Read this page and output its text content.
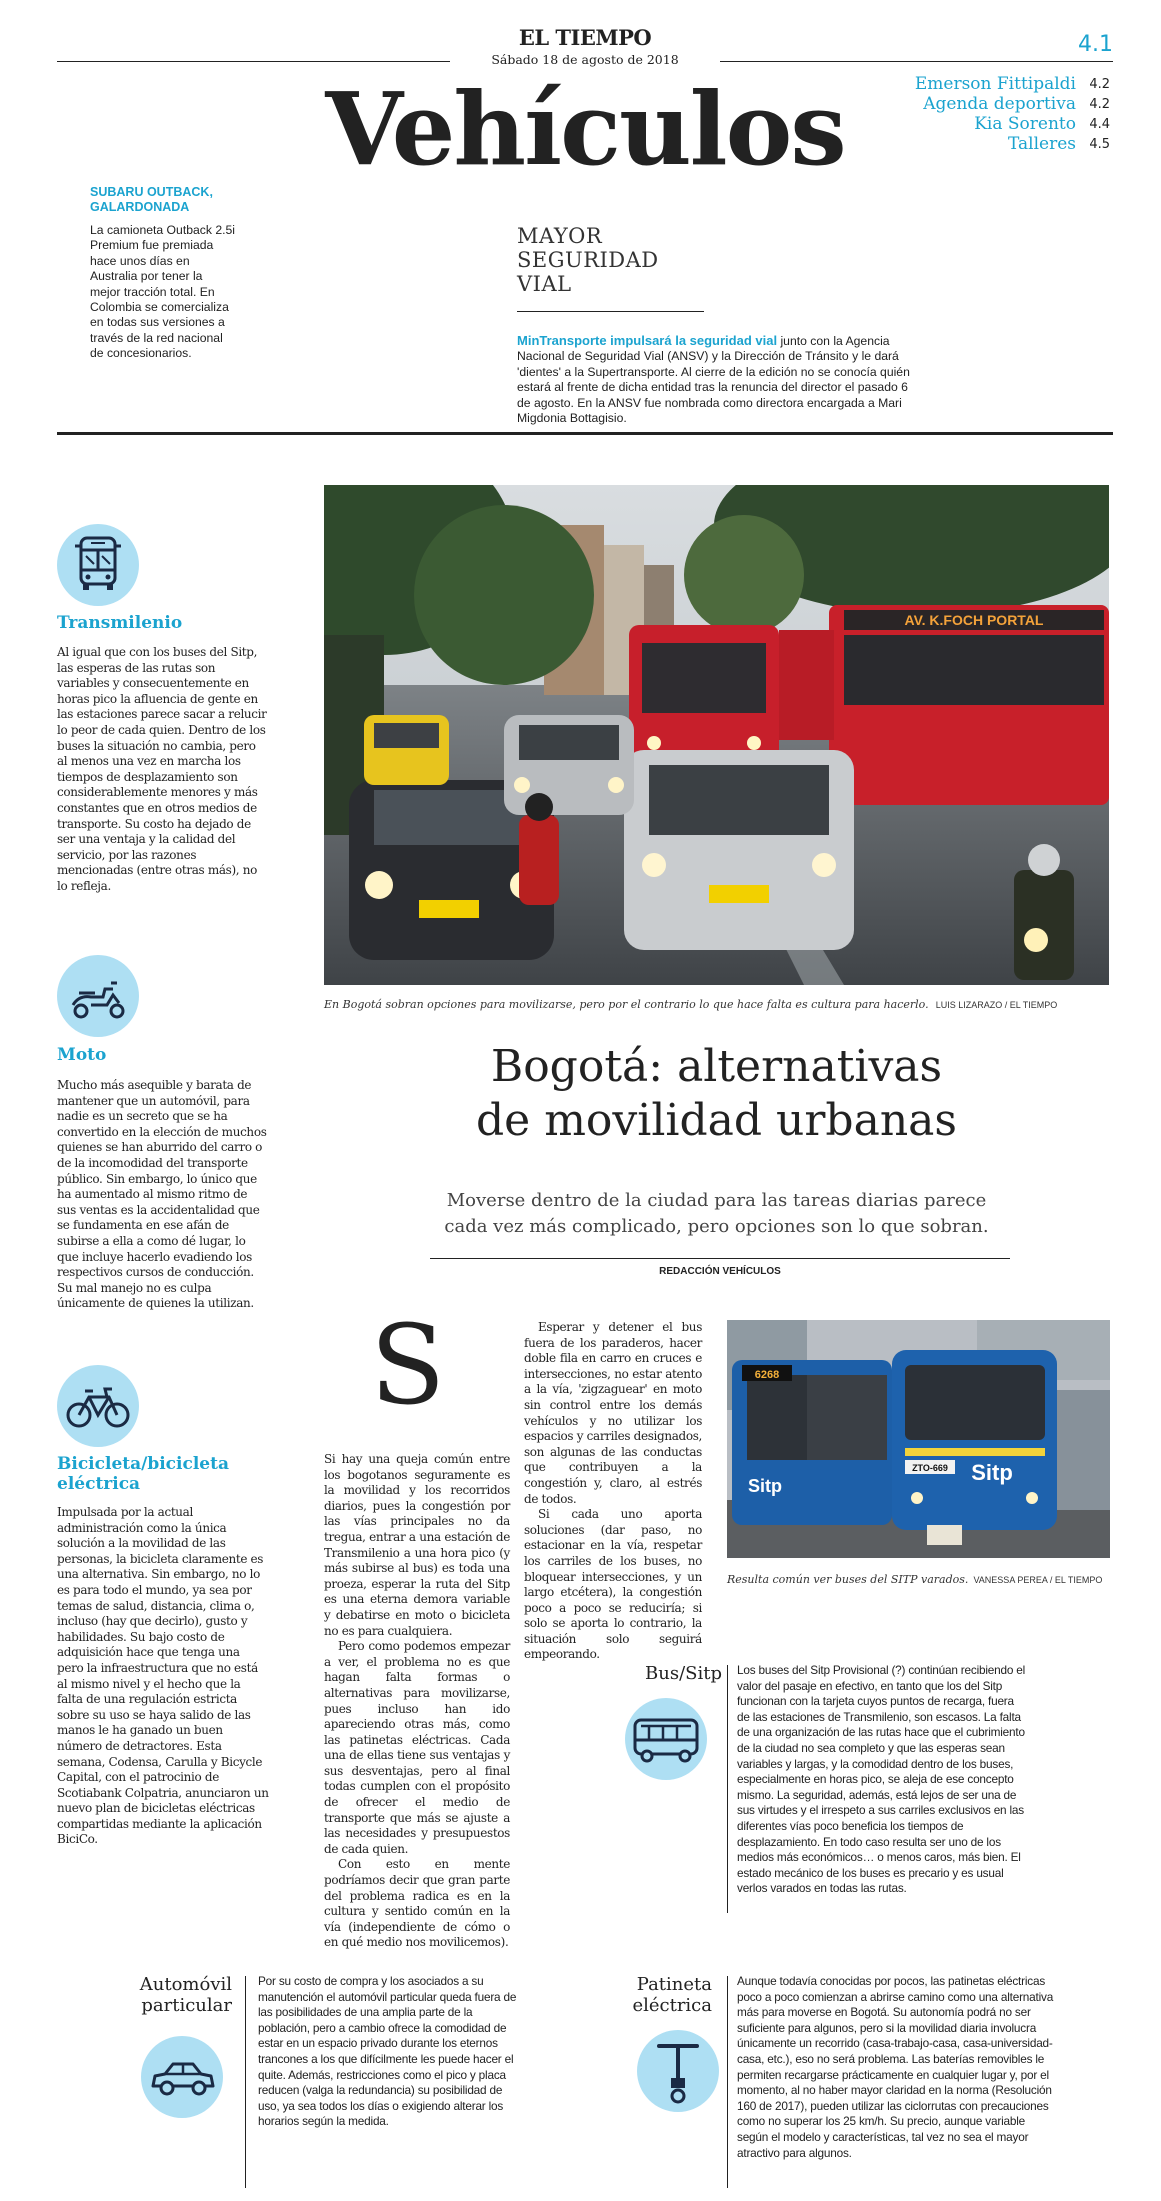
EL TIEMPO
Sábado 18 de agosto de 2018
4.1
Vehículos	Emerson Fittipaldi	4.2
Agenda deportiva	4.2
Kia Sorento	4.4
Talleres	4.5
SUBARU OUTBACK,
GALARDONADA
La camioneta Outback 2.5i Premium fue premiada hace unos días en Australia por tener la mejor tracción total. En Colombia se comercializa en todas sus versiones a través de la red nacional de concesionarios.
MAYOR
SEGURIDAD
VIAL
MinTransporte impulsará la seguridad vial junto con la Agencia Nacional de Seguridad Vial (ANSV) y la Dirección de Tránsito y le dará 'dientes' a la Supertransporte. Al cierre de la edición no se conocía quién estará al frente de dicha entidad tras la renuncia del director el pasado 6 de agosto. En la ANSV fue nombrada como directora encargada a Mari Migdonia Bottagisio.
Transmilenio
Al igual que con los buses del Sitp, las esperas de las rutas son variables y consecuentemente en horas pico la afluencia de gente en las estaciones parece sacar a relucir lo peor de cada quien. Dentro de los buses la situación no cambia, pero al menos una vez en marcha los tiempos de desplazamiento son considerablemente menores y más constantes que en otros medios de transporte. Su costo ha dejado de ser una ventaja y la calidad del servicio, por las razones mencionadas (entre otras más), no lo refleja.
Moto
Mucho más asequible y barata de mantener que un automóvil, para nadie es un secreto que se ha convertido en la elección de muchos quienes se han aburrido del carro o de la incomodidad del transporte público. Sin embargo, lo único que ha aumentado al mismo ritmo de sus ventas es la accidentalidad que se fundamenta en ese afán de subirse a ella a como dé lugar, lo que incluye hacerlo evadiendo los respectivos cursos de conducción. Su mal manejo no es culpa únicamente de quienes la utilizan.
Bicicleta/bicicleta
eléctrica
Impulsada por la actual administración como la única solución a la movilidad de las personas, la bicicleta claramente es una alternativa. Sin embargo, no lo es para todo el mundo, ya sea por temas de salud, distancia, clima o, incluso (hay que decirlo), gusto y habilidades. Su bajo costo de adquisición hace que tenga una pero la infraestructura que no está al mismo nivel y el hecho que la falta de una regulación estricta sobre su uso se haya salido de las manos le ha ganado un buen número de detractores. Esta semana, Codensa, Carulla y Bicycle Capital, con el patrocinio de Scotiabank Colpatria, anunciaron un nuevo plan de bicicletas eléctricas compartidas mediante la aplicación BiciCo.
AV. K.FOCH PORTAL
En Bogotá sobran opciones para movilizarse, pero por el contrario lo que hace falta es cultura para hacerlo. LUIS LIZARAZO / EL TIEMPO
Bogotá: alternativas
de movilidad urbanas
Moverse dentro de la ciudad para las tareas diarias parece
cada vez más complicado, pero opciones son lo que sobran.
REDACCIÓN VEHÍCULOS
S

Si hay una queja común entre los bogotanos seguramente es la movilidad y los recorridos diarios, pues la congestión por las vías principales no da tregua, entrar a una estación de Transmilenio a una hora pico (y más subirse al bus) es toda una proeza, esperar la ruta del Sitp es una eterna demora variable y debatirse en moto o bicicleta no es para cualquiera.

Pero como podemos empezar a ver, el problema no es que hagan falta formas o alternativas para movilizarse, pues incluso han ido apareciendo otras más, como las patinetas eléctricas. Cada una de ellas tiene sus ventajas y sus desventajas, pero al final todas cumplen con el propósito de ofrecer el medio de transporte que más se ajuste a las necesidades y presupuestos de cada quien.

Con esto en mente podríamos decir que gran parte del problema radica es en la cultura y sentido común en la vía (independiente de cómo o en qué medio nos movilicemos).

Esperar y detener el bus fuera de los paraderos, hacer doble fila en carro en cruces e intersecciones, no estar atento a la vía, 'zigzaguear' en moto sin control entre los demás vehículos y no utilizar los espacios y carriles designados, son algunas de las conductas que contribuyen a la congestión y, claro, al estrés de todos.

Si cada uno aporta soluciones (dar paso, no estacionar en la vía, respetar los carriles de los buses, no bloquear intersecciones, y un largo etcétera), la congestión poco a poco se reduciría; si solo se aporta lo contrario, la situación solo seguirá empeorando.

6268
Sitp
ZTO-669 Sitp
Resulta común ver buses del SITP varados. VANESSA PEREA / EL TIEMPO
Bus/Sitp Los buses del Sitp Provisional (?) continúan recibiendo el valor del pasaje en efectivo, en tanto que los del Sitp funcionan con la tarjeta cuyos puntos de recarga, fuera de las estaciones de Transmilenio, son escasos. La falta de una organización de las rutas hace que el cubrimiento de la ciudad no sea completo y que las esperas sean variables y largas, y la comodidad dentro de los buses, especialmente en horas pico, se aleja de ese concepto mismo. La seguridad, además, está lejos de ser una de sus virtudes y el irrespeto a sus carriles exclusivos en las diferentes vías poco beneficia los tiempos de desplazamiento. En todo caso resulta ser uno de los medios más económicos… o menos caros, más bien. El estado mecánico de los buses es precario y es usual verlos varados en todas las rutas.
Automóvil
particular
Por su costo de compra y los asociados a su manutención el automóvil particular queda fuera de las posibilidades de una amplia parte de la población, pero a cambio ofrece la comodidad de estar en un espacio privado durante los eternos trancones a los que difícilmente les puede hacer el quite. Además, restricciones como el pico y placa reducen (valga la redundancia) su posibilidad de uso, ya sea todos los días o exigiendo alterar los horarios según la medida.
Patineta
eléctrica
Aunque todavía conocidas por pocos, las patinetas eléctricas poco a poco comienzan a abrirse camino como una alternativa más para moverse en Bogotá. Su autonomía podrá no ser suficiente para algunos, pero si la movilidad diaria involucra únicamente un recorrido (casa-trabajo-casa, casa-universidad-casa, etc.), eso no será problema. Las baterías removibles le permiten recargarse prácticamente en cualquier lugar y, por el momento, al no haber mayor claridad en la norma (Resolución 160 de 2017), pueden utilizar las ciclorrutas con precauciones como no superar los 25 km/h. Su precio, aunque variable según el modelo y características, tal vez no sea el mayor atractivo para algunos.
